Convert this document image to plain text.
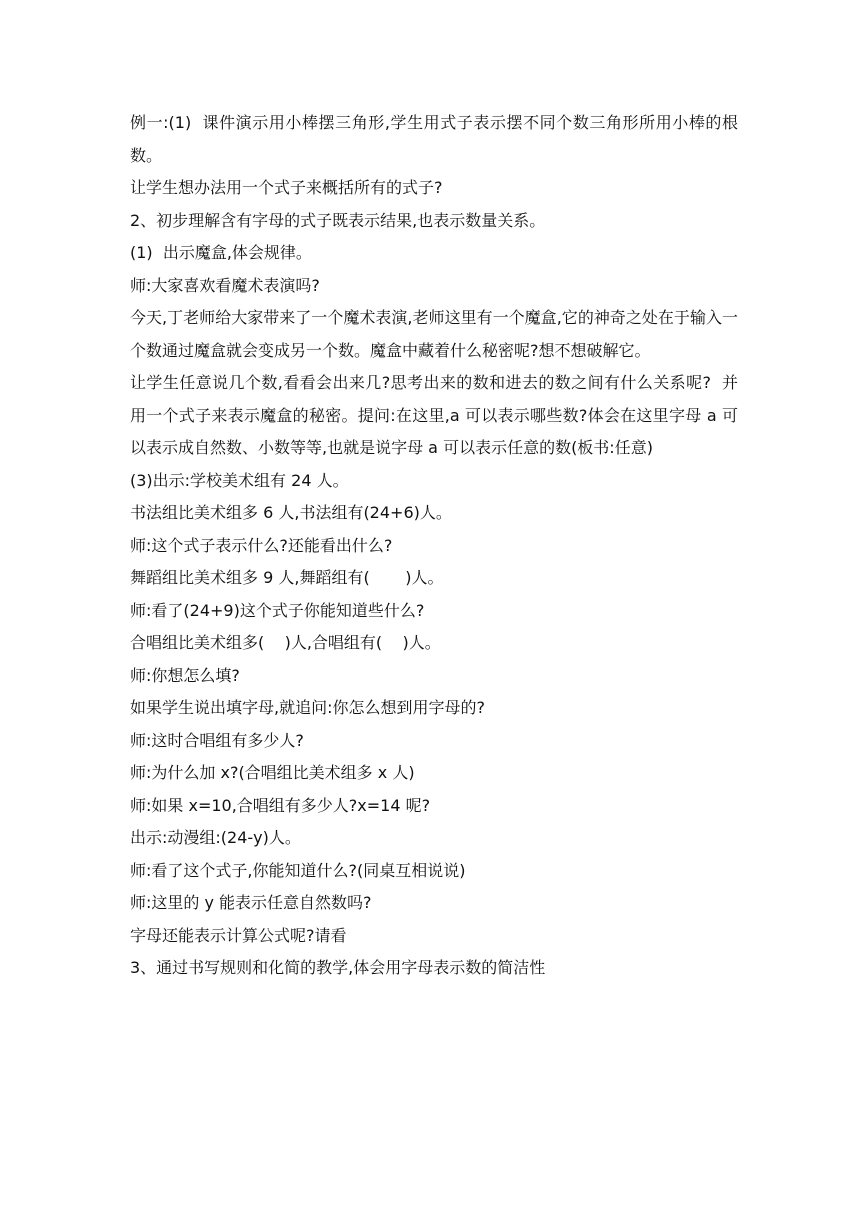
例一:(1)  课件演示用小棒摆三角形,学生用式子表示摆不同个数三角形所用小棒的根数。

让学生想办法用一个式子来概括所有的式子?

2、初步理解含有字母的式子既表示结果,也表示数量关系。

(1)  出示魔盒,体会规律。

师:大家喜欢看魔术表演吗?

今天,丁老师给大家带来了一个魔术表演,老师这里有一个魔盒,它的神奇之处在于输入一个数通过魔盒就会变成另一个数。魔盒中藏着什么秘密呢?想不想破解它。

让学生任意说几个数,看看会出来几?思考出来的数和进去的数之间有什么关系呢?  并用一个式子来表示魔盒的秘密。提问:在这里,a 可以表示哪些数?体会在这里字母 a 可以表示成自然数、小数等等,也就是说字母 a 可以表示任意的数(板书:任意)

(3)出示:学校美术组有 24 人。

书法组比美术组多 6 人,书法组有(24+6)人。

师:这个式子表示什么?还能看出什么?

舞蹈组比美术组多 9 人,舞蹈组有(       )人。

师:看了(24+9)这个式子你能知道些什么?

合唱组比美术组多(    )人,合唱组有(    )人。

师:你想怎么填?

如果学生说出填字母,就追问:你怎么想到用字母的?

师:这时合唱组有多少人?

师:为什么加 x?(合唱组比美术组多 x 人)

师:如果 x=10,合唱组有多少人?x=14 呢?

出示:动漫组:(24-y)人。

师:看了这个式子,你能知道什么?(同桌互相说说)

师:这里的 y 能表示任意自然数吗?

字母还能表示计算公式呢?请看

3、通过书写规则和化简的教学,体会用字母表示数的简洁性
